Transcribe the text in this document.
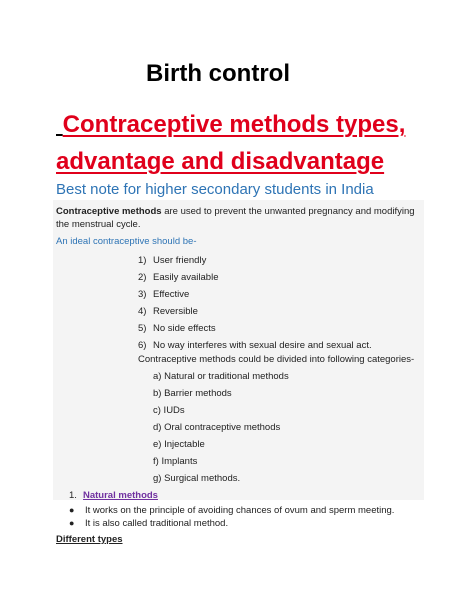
Birth control
Contraceptive methods types,
advantage and disadvantage

Best note for higher secondary students in India

Contraceptive methods are used to prevent the unwanted pregnancy and modifying the menstrual cycle.

An ideal contraceptive should be-

1) User friendly
2) Easily available
3) Effective
4) Reversible
5) No side effects
6) No way interferes with sexual desire and sexual act.

Contraceptive methods could be divided into following categories-

a) Natural or traditional methods
b) Barrier methods
c) IUDs
d) Oral contraceptive methods
e) Injectable
f) Implants
g) Surgical methods.

1. Natural methods

● It works on the principle of avoiding chances of ovum and sperm meeting.
● It is also called traditional method.

Different types
